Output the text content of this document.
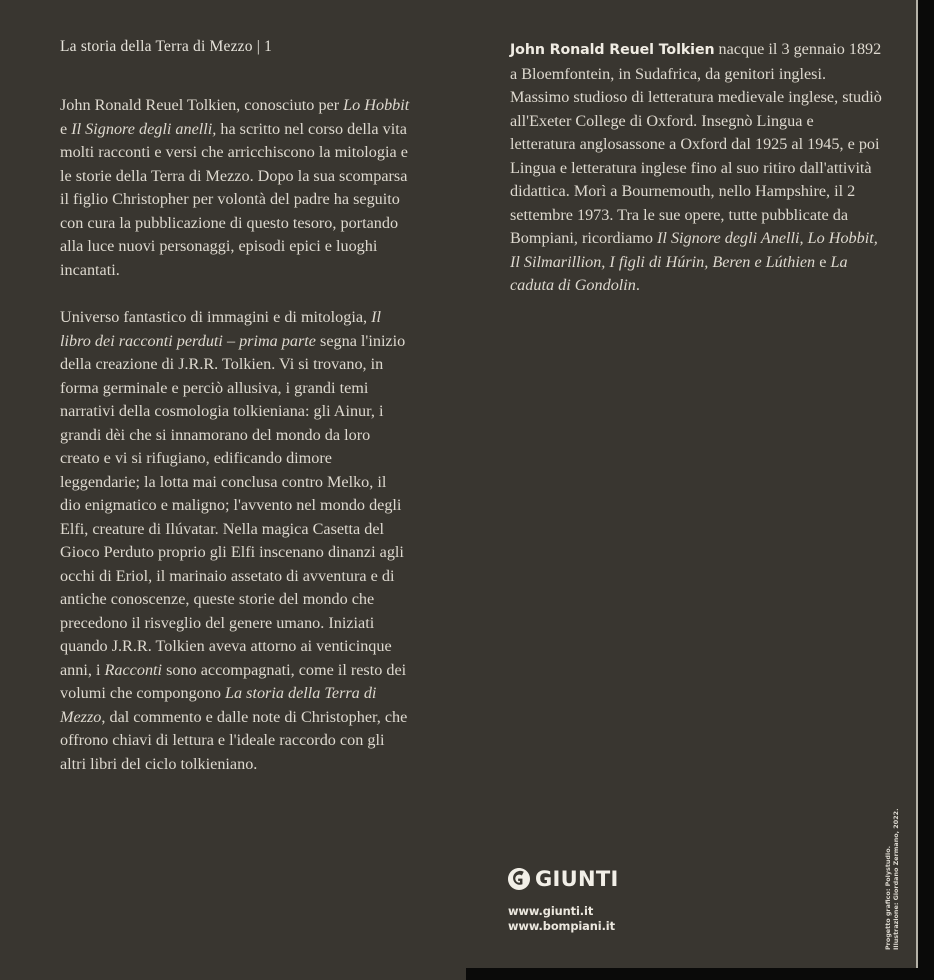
La storia della Terra di Mezzo | 1

John Ronald Reuel Tolkien, conosciuto per Lo Hobbit e Il Signore degli anelli, ha scritto nel corso della vita molti racconti e versi che arricchiscono la mitologia e le storie della Terra di Mezzo. Dopo la sua scomparsa il figlio Christopher per volontà del padre ha seguito con cura la pubblicazione di questo tesoro, portando alla luce nuovi personaggi, episodi epici e luoghi incantati.

Universo fantastico di immagini e di mitologia, Il libro dei racconti perduti – prima parte segna l'inizio della creazione di J.R.R. Tolkien. Vi si trovano, in forma germinale e perciò allusiva, i grandi temi narrativi della cosmologia tolkieniana: gli Ainur, i grandi dèi che si innamorano del mondo da loro creato e vi si rifugiano, edificando dimore leggendarie; la lotta mai conclusa contro Melko, il dio enigmatico e maligno; l'avvento nel mondo degli Elfi, creature di Ilúvatar. Nella magica Casetta del Gioco Perduto proprio gli Elfi inscenano dinanzi agli occhi di Eriol, il marinaio assetato di avventura e di antiche conoscenze, queste storie del mondo che precedono il risveglio del genere umano. Iniziati quando J.R.R. Tolkien aveva attorno ai venticinque anni, i Racconti sono accompagnati, come il resto dei volumi che compongono La storia della Terra di Mezzo, dal commento e dalle note di Christopher, che offrono chiavi di lettura e l'ideale raccordo con gli altri libri del ciclo tolkieniano.

John Ronald Reuel Tolkien nacque il 3 gennaio 1892 a Bloemfontein, in Sudafrica, da genitori inglesi. Massimo studioso di letteratura medievale inglese, studiò all'Exeter College di Oxford. Insegnò Lingua e letteratura anglosassone a Oxford dal 1925 al 1945, e poi Lingua e letteratura inglese fino al suo ritiro dall'attività didattica. Morì a Bournemouth, nello Hampshire, il 2 settembre 1973. Tra le sue opere, tutte pubblicate da Bompiani, ricordiamo Il Signore degli Anelli, Lo Hobbit, Il Silmarillion, I figli di Húrin, Beren e Lúthien e La caduta di Gondolin.

GIUNTI
www.giunti.it
www.bompiani.it	Progetto grafico: Polystudio. Illustrazione: Giordano Zermano, 2022.
